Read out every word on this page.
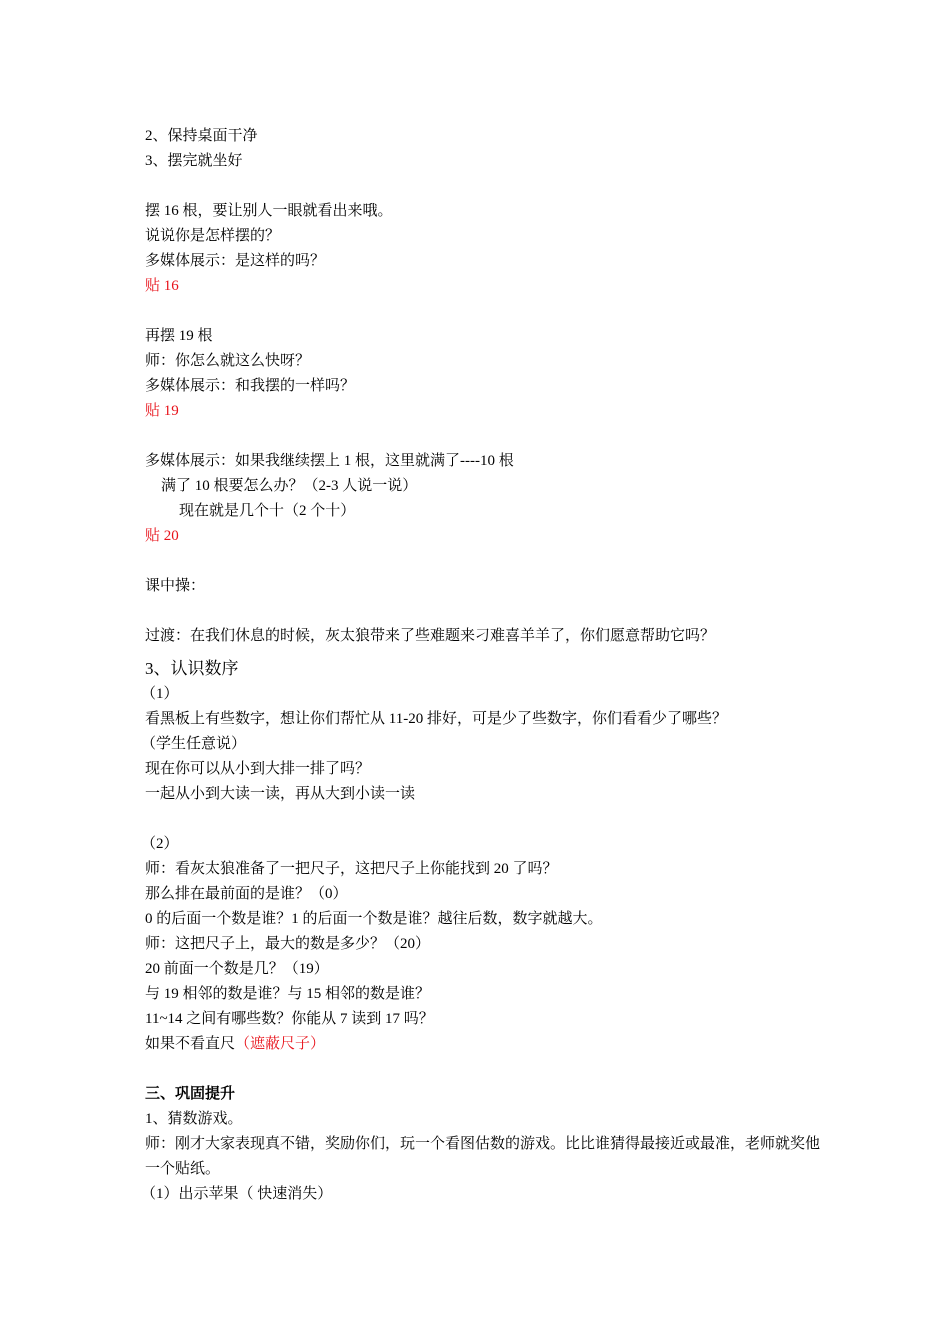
2、保持桌面干净
3、摆完就坐好
摆 16 根，要让别人一眼就看出来哦。
说说你是怎样摆的？
多媒体展示：是这样的吗？
贴 16
再摆 19 根
师：你怎么就这么快呀？
多媒体展示：和我摆的一样吗？
贴 19
多媒体展示：如果我继续摆上 1 根，这里就满了----10 根
满了 10 根要怎么办？（2-3 人说一说）
现在就是几个十（2 个十）
贴 20
课中操：
过渡：在我们休息的时候，灰太狼带来了些难题来刁难喜羊羊了，你们愿意帮助它吗？
3、认识数序
（1）
看黑板上有些数字，想让你们帮忙从 11-20 排好，可是少了些数字，你们看看少了哪些？
（学生任意说）
现在你可以从小到大排一排了吗？
一起从小到大读一读，再从大到小读一读
（2）
师：看灰太狼准备了一把尺子，这把尺子上你能找到 20 了吗？
那么排在最前面的是谁？（0）
0 的后面一个数是谁？1 的后面一个数是谁？越往后数，数字就越大。
师：这把尺子上，最大的数是多少？（20）
20 前面一个数是几？（19）
与 19 相邻的数是谁？与 15 相邻的数是谁？
11~14 之间有哪些数？你能从 7 读到 17 吗？
如果不看直尺（遮蔽尺子）
三、巩固提升
1、猜数游戏。
师：刚才大家表现真不错，奖励你们，玩一个看图估数的游戏。比比谁猜得最接近或最准，老师就奖他一个贴纸。
（1）出示苹果（ 快速消失）
